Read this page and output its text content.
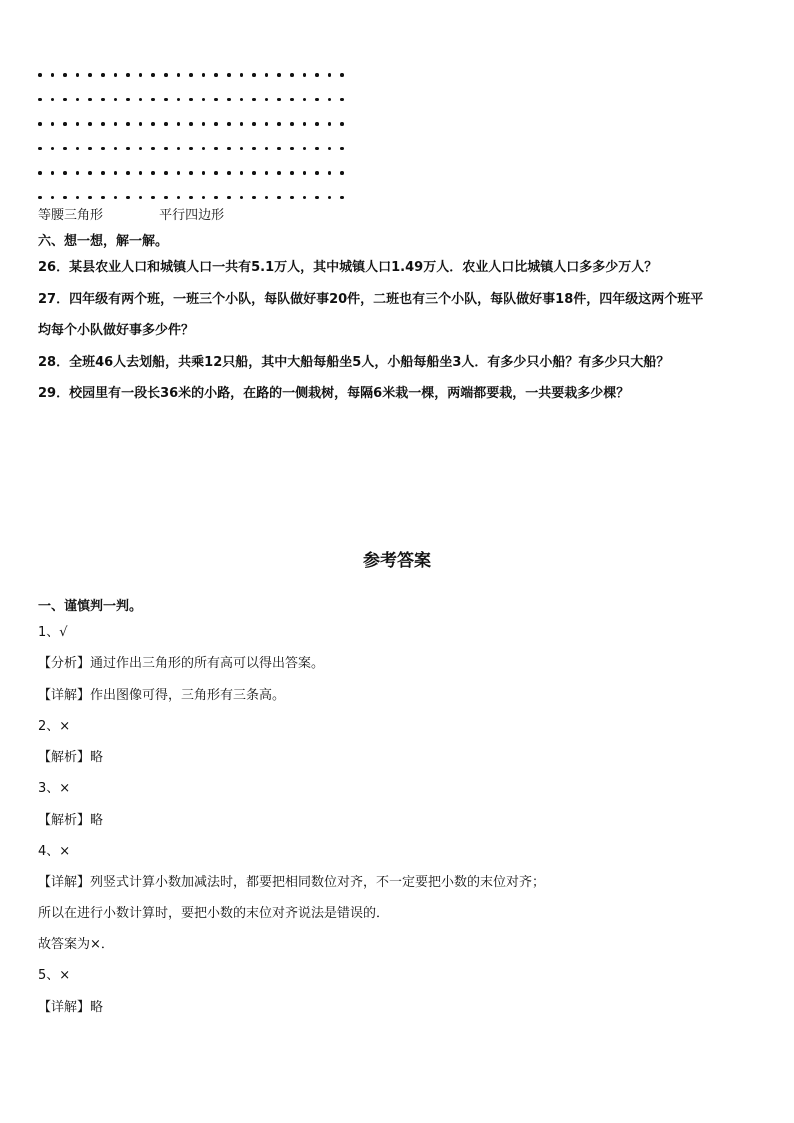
等腰三角形	平行四边形
六、想一想，解一解。
26．某县农业人口和城镇人口一共有5.1万人，其中城镇人口1.49万人．农业人口比城镇人口多多少万人？
27．四年级有两个班，一班三个小队，每队做好事20件，二班也有三个小队，每队做好事18件，四年级这两个班平
均每个小队做好事多少件？
28．全班46人去划船，共乘12只船，其中大船每船坐5人，小船每船坐3人．有多少只小船？有多少只大船？
29．校园里有一段长36米的小路，在路的一侧栽树，每隔6米栽一棵，两端都要栽，一共要栽多少棵？
参考答案
一、谨慎判一判。
1、√
【分析】通过作出三角形的所有高可以得出答案。
【详解】作出图像可得，三角形有三条高。
2、×
【解析】略
3、×
【解析】略
4、×
【详解】列竖式计算小数加减法时，都要把相同数位对齐，不一定要把小数的末位对齐；
所以在进行小数计算时，要把小数的末位对齐说法是错误的．
故答案为×．
5、×
【详解】略
